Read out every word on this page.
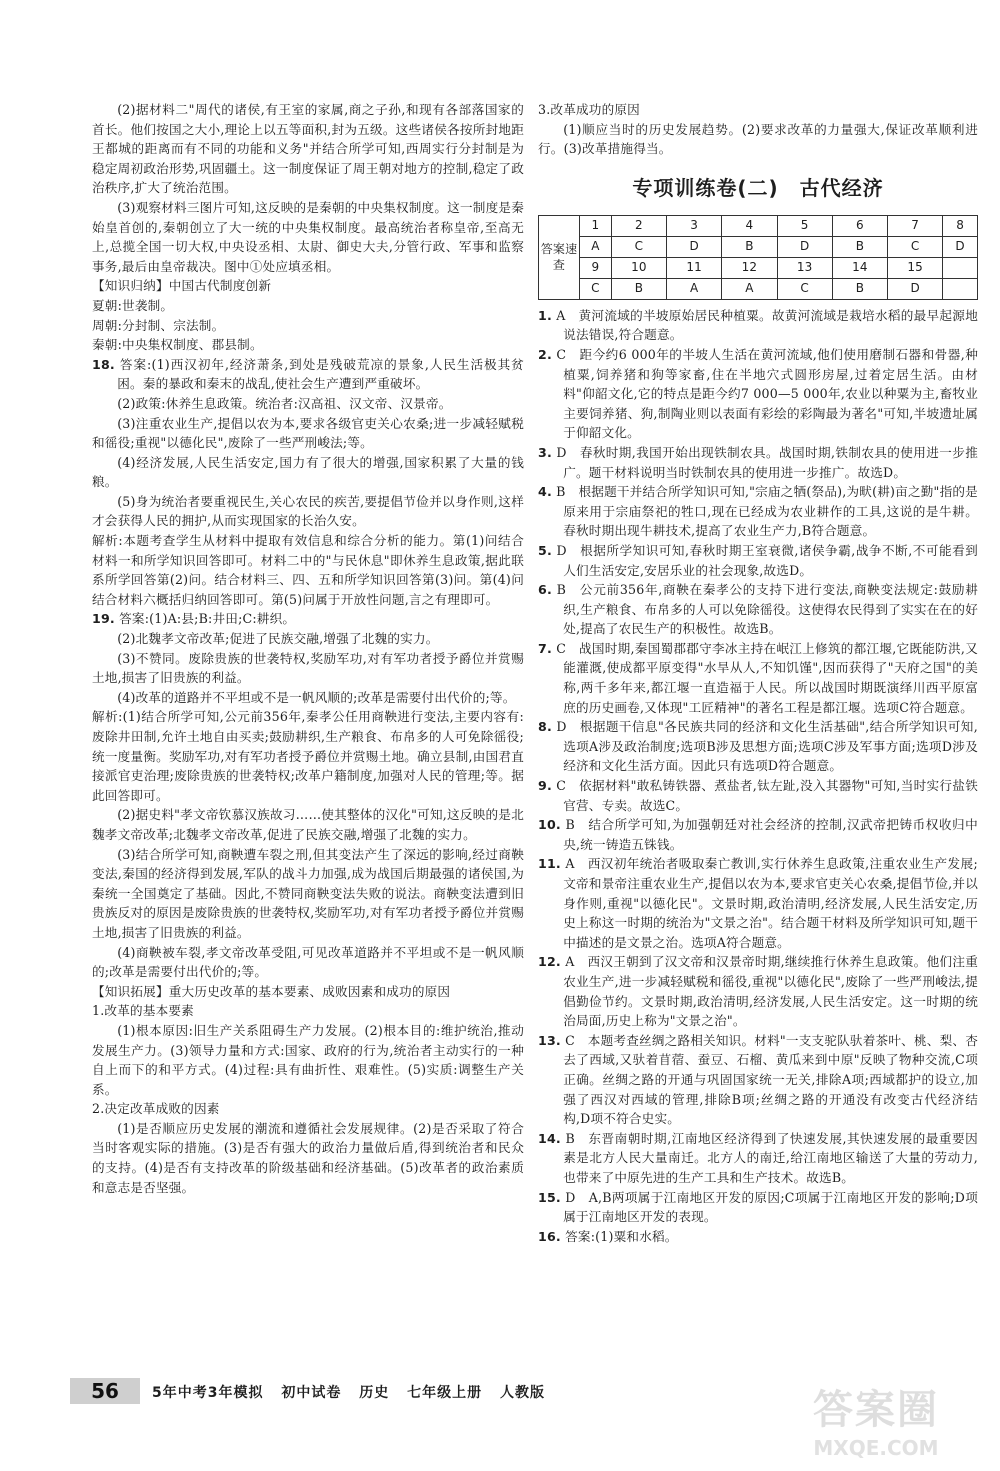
(2)据材料二"周代的诸侯,有王室的家属,商之子孙,和现有各部落国家的首长。他们按国之大小,理论上以五等面积,封为五级。这些诸侯各按所封地距王都城的距离而有不同的功能和义务"并结合所学可知,西周实行分封制是为稳定周初政治形势,巩固疆土。这一制度保证了周王朝对地方的控制,稳定了政治秩序,扩大了统治范围。

(3)观察材料三图片可知,这反映的是秦朝的中央集权制度。这一制度是秦始皇首创的,秦朝创立了大一统的中央集权制度。最高统治者称皇帝,至高无上,总揽全国一切大权,中央设丞相、太尉、御史大夫,分管行政、军事和监察事务,最后由皇帝裁决。图中①处应填丞相。

【知识归纳】中国古代制度创新

夏朝:世袭制。

周朝:分封制、宗法制。

秦朝:中央集权制度、郡县制。

18. 答案:(1)西汉初年,经济萧条,到处是残破荒凉的景象,人民生活极其贫困。秦的暴政和秦末的战乱,使社会生产遭到严重破坏。

(2)政策:休养生息政策。统治者:汉高祖、汉文帝、汉景帝。

(3)注重农业生产,提倡以农为本,要求各级官吏关心农桑;进一步减轻赋税和徭役;重视"以德化民",废除了一些严刑峻法;等。

(4)经济发展,人民生活安定,国力有了很大的增强,国家积累了大量的钱粮。

(5)身为统治者要重视民生,关心农民的疾苦,要提倡节俭并以身作则,这样才会获得人民的拥护,从而实现国家的长治久安。

解析:本题考查学生从材料中提取有效信息和综合分析的能力。第(1)问结合材料一和所学知识回答即可。材料二中的"与民休息"即休养生息政策,据此联系所学回答第(2)问。结合材料三、四、五和所学知识回答第(3)问。第(4)问结合材料六概括归纳回答即可。第(5)问属于开放性问题,言之有理即可。

19. 答案:(1)A:县;B:井田;C:耕织。

(2)北魏孝文帝改革;促进了民族交融,增强了北魏的实力。

(3)不赞同。废除贵族的世袭特权,奖励军功,对有军功者授予爵位并赏赐土地,损害了旧贵族的利益。

(4)改革的道路并不平坦或不是一帆风顺的;改革是需要付出代价的;等。

解析:(1)结合所学可知,公元前356年,秦孝公任用商鞅进行变法,主要内容有:废除井田制,允许土地自由买卖;鼓励耕织,生产粮食、布帛多的人可免除徭役;统一度量衡。奖励军功,对有军功者授予爵位并赏赐土地。确立县制,由国君直接派官吏治理;废除贵族的世袭特权;改革户籍制度,加强对人民的管理;等。据此回答即可。

(2)据史料"孝文帝钦慕汉族故习……使其整体的汉化"可知,这反映的是北魏孝文帝改革;北魏孝文帝改革,促进了民族交融,增强了北魏的实力。

(3)结合所学可知,商鞅遭车裂之刑,但其变法产生了深远的影响,经过商鞅变法,秦国的经济得到发展,军队的战斗力加强,成为战国后期最强的诸侯国,为秦统一全国奠定了基础。因此,不赞同商鞅变法失败的说法。商鞅变法遭到旧贵族反对的原因是废除贵族的世袭特权,奖励军功,对有军功者授予爵位并赏赐土地,损害了旧贵族的利益。

(4)商鞅被车裂,孝文帝改革受阻,可见改革道路并不平坦或不是一帆风顺的;改革是需要付出代价的;等。

【知识拓展】重大历史改革的基本要素、成败因素和成功的原因

1.改革的基本要素

(1)根本原因:旧生产关系阻碍生产力发展。(2)根本目的:维护统治,推动发展生产力。(3)领导力量和方式:国家、政府的行为,统治者主动实行的一种自上而下的和平方式。(4)过程:具有曲折性、艰难性。(5)实质:调整生产关系。

2.决定改革成败的因素

(1)是否顺应历史发展的潮流和遵循社会发展规律。(2)是否采取了符合当时客观实际的措施。(3)是否有强大的政治力量做后盾,得到统治者和民众的支持。(4)是否有支持改革的阶级基础和经济基础。(5)改革者的政治素质和意志是否坚强。

3.改革成功的原因

(1)顺应当时的历史发展趋势。(2)要求改革的力量强大,保证改革顺利进行。(3)改革措施得当。

专项训练卷(二)　古代经济
答案速查	1	2	3	4	5	6	7	8
	A	C	D	B	D	B	C	D
	9	10	11	12	13	14	15	
	C	B	A	A	C	B	D	

1. A　黄河流域的半坡原始居民种植粟。故黄河流域是栽培水稻的最早起源地说法错误,符合题意。

2. C　距今约6 000年的半坡人生活在黄河流域,他们使用磨制石器和骨器,种植粟,饲养猪和狗等家畜,住在半地穴式圆形房屋,过着定居生活。由材料"仰韶文化,它的特点是距今约7 000—5 000年,农业以种粟为主,畜牧业主要饲养猪、狗,制陶业则以表面有彩绘的彩陶最为著名"可知,半坡遗址属于仰韶文化。

3. D　春秋时期,我国开始出现铁制农具。战国时期,铁制农具的使用进一步推广。题干材料说明当时铁制农具的使用进一步推广。故选D。

4. B　根据题干并结合所学知识可知,"宗庙之牺(祭品),为畎(耕)亩之勤"指的是原来用于宗庙祭祀的牲口,现在已经成为农业耕作的工具,这说的是牛耕。春秋时期出现牛耕技术,提高了农业生产力,B符合题意。

5. D　根据所学知识可知,春秋时期王室衰微,诸侯争霸,战争不断,不可能看到人们生活安定,安居乐业的社会现象,故选D。

6. B　公元前356年,商鞅在秦孝公的支持下进行变法,商鞅变法规定:鼓励耕织,生产粮食、布帛多的人可以免除徭役。这使得农民得到了实实在在的好处,提高了农民生产的积极性。故选B。

7. C　战国时期,秦国蜀郡郡守李冰主持在岷江上修筑的都江堰,它既能防洪,又能灌溉,使成都平原变得"水旱从人,不知饥馑",因而获得了"天府之国"的美称,两千多年来,都江堰一直造福于人民。所以战国时期既演绎川西平原富庶的历史画卷,又体现"工匠精神"的著名工程是都江堰。选项C符合题意。

8. D　根据题干信息"各民族共同的经济和文化生活基础",结合所学知识可知,选项A涉及政治制度;选项B涉及思想方面;选项C涉及军事方面;选项D涉及经济和文化生活方面。因此只有选项D符合题意。

9. C　依据材料"敢私铸铁器、煮盐者,钛左趾,没入其器物"可知,当时实行盐铁官营、专卖。故选C。

10. B　结合所学可知,为加强朝廷对社会经济的控制,汉武帝把铸币权收归中央,统一铸造五铢钱。

11. A　西汉初年统治者吸取秦亡教训,实行休养生息政策,注重农业生产发展;文帝和景帝注重农业生产,提倡以农为本,要求官吏关心农桑,提倡节俭,并以身作则,重视"以德化民"。文景时期,政治清明,经济发展,人民生活安定,历史上称这一时期的统治为"文景之治"。结合题干材料及所学知识可知,题干中描述的是文景之治。选项A符合题意。

12. A　西汉王朝到了汉文帝和汉景帝时期,继续推行休养生息政策。他们注重农业生产,进一步减轻赋税和徭役,重视"以德化民",废除了一些严刑峻法,提倡勤俭节约。文景时期,政治清明,经济发展,人民生活安定。这一时期的统治局面,历史上称为"文景之治"。

13. C　本题考查丝绸之路相关知识。材料"一支支驼队驮着茶叶、桃、梨、杏去了西域,又驮着苜蓿、蚕豆、石榴、黄瓜来到中原"反映了物种交流,C项正确。丝绸之路的开通与巩固国家统一无关,排除A项;西域都护的设立,加强了西汉对西域的管理,排除B项;丝绸之路的开通没有改变古代经济结构,D项不符合史实。

14. B　东晋南朝时期,江南地区经济得到了快速发展,其快速发展的最重要因素是北方人民大量南迁。北方人的南迁,给江南地区输送了大量的劳动力,也带来了中原先进的生产工具和生产技术。故选B。

15. D　A,B两项属于江南地区开发的原因;C项属于江南地区开发的影响;D项属于江南地区开发的表现。

16. 答案:(1)粟和水稻。

56	5年中考3年模拟 初中试卷 历史 七年级上册 人教版	答案圈
MXQE.COM
